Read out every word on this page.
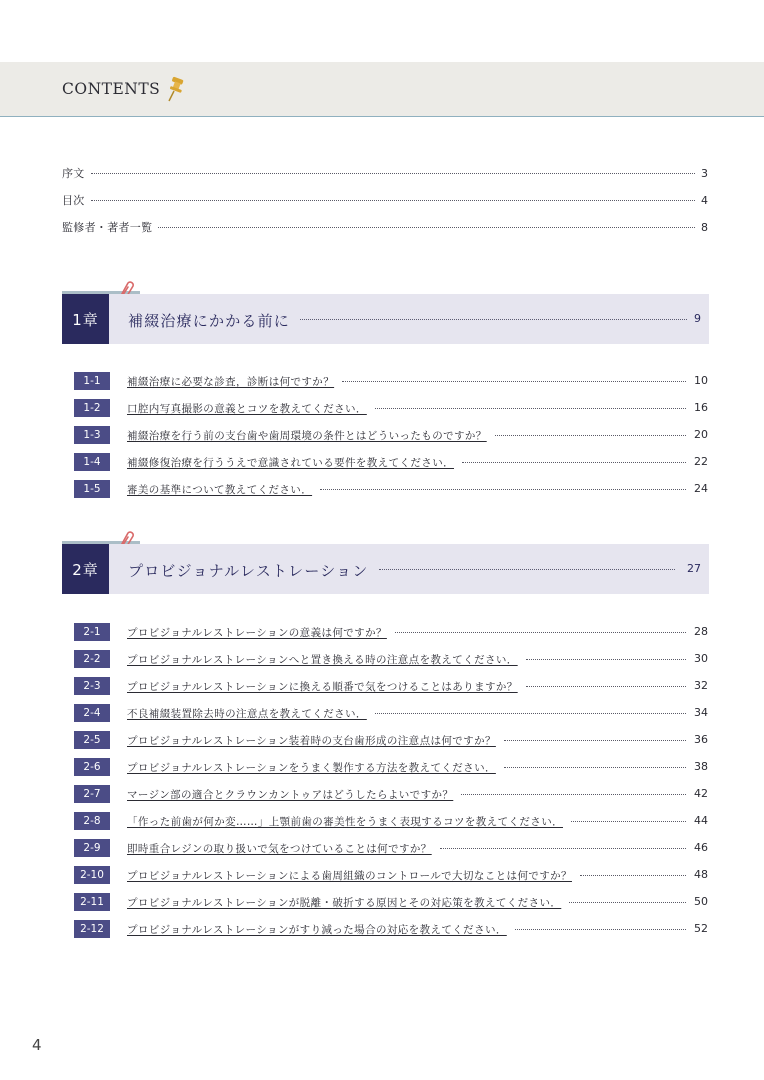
CONTENTS
序文	3
目次	4
監修者・著者一覧	8
1章	補綴治療にかかる前に	9
1-1	補綴治療に必要な診査，診断は何ですか？	10
1-2	口腔内写真撮影の意義とコツを教えてください．	16
1-3	補綴治療を行う前の支台歯や歯周環境の条件とはどういったものですか？	20
1-4	補綴修復治療を行ううえで意識されている要件を教えてください．	22
1-5	審美の基準について教えてください．	24
2章	プロビジョナルレストレーション	27
2-1	プロビジョナルレストレーションの意義は何ですか？	28
2-2	プロビジョナルレストレーションへと置き換える時の注意点を教えてください．	30
2-3	プロビジョナルレストレーションに換える順番で気をつけることはありますか？	32
2-4	不良補綴装置除去時の注意点を教えてください．	34
2-5	プロビジョナルレストレーション装着時の支台歯形成の注意点は何ですか？	36
2-6	プロビジョナルレストレーションをうまく製作する方法を教えてください．	38
2-7	マージン部の適合とクラウンカントゥアはどうしたらよいですか？	42
2-8	「作った前歯が何か変……」上顎前歯の審美性をうまく表現するコツを教えてください．	44
2-9	即時重合レジンの取り扱いで気をつけていることは何ですか？	46
2-10	プロビジョナルレストレーションによる歯周組織のコントロールで大切なことは何ですか？	48
2-11	プロビジョナルレストレーションが脱離・破折する原因とその対応策を教えてください．	50
2-12	プロビジョナルレストレーションがすり減った場合の対応を教えてください．	52
4
